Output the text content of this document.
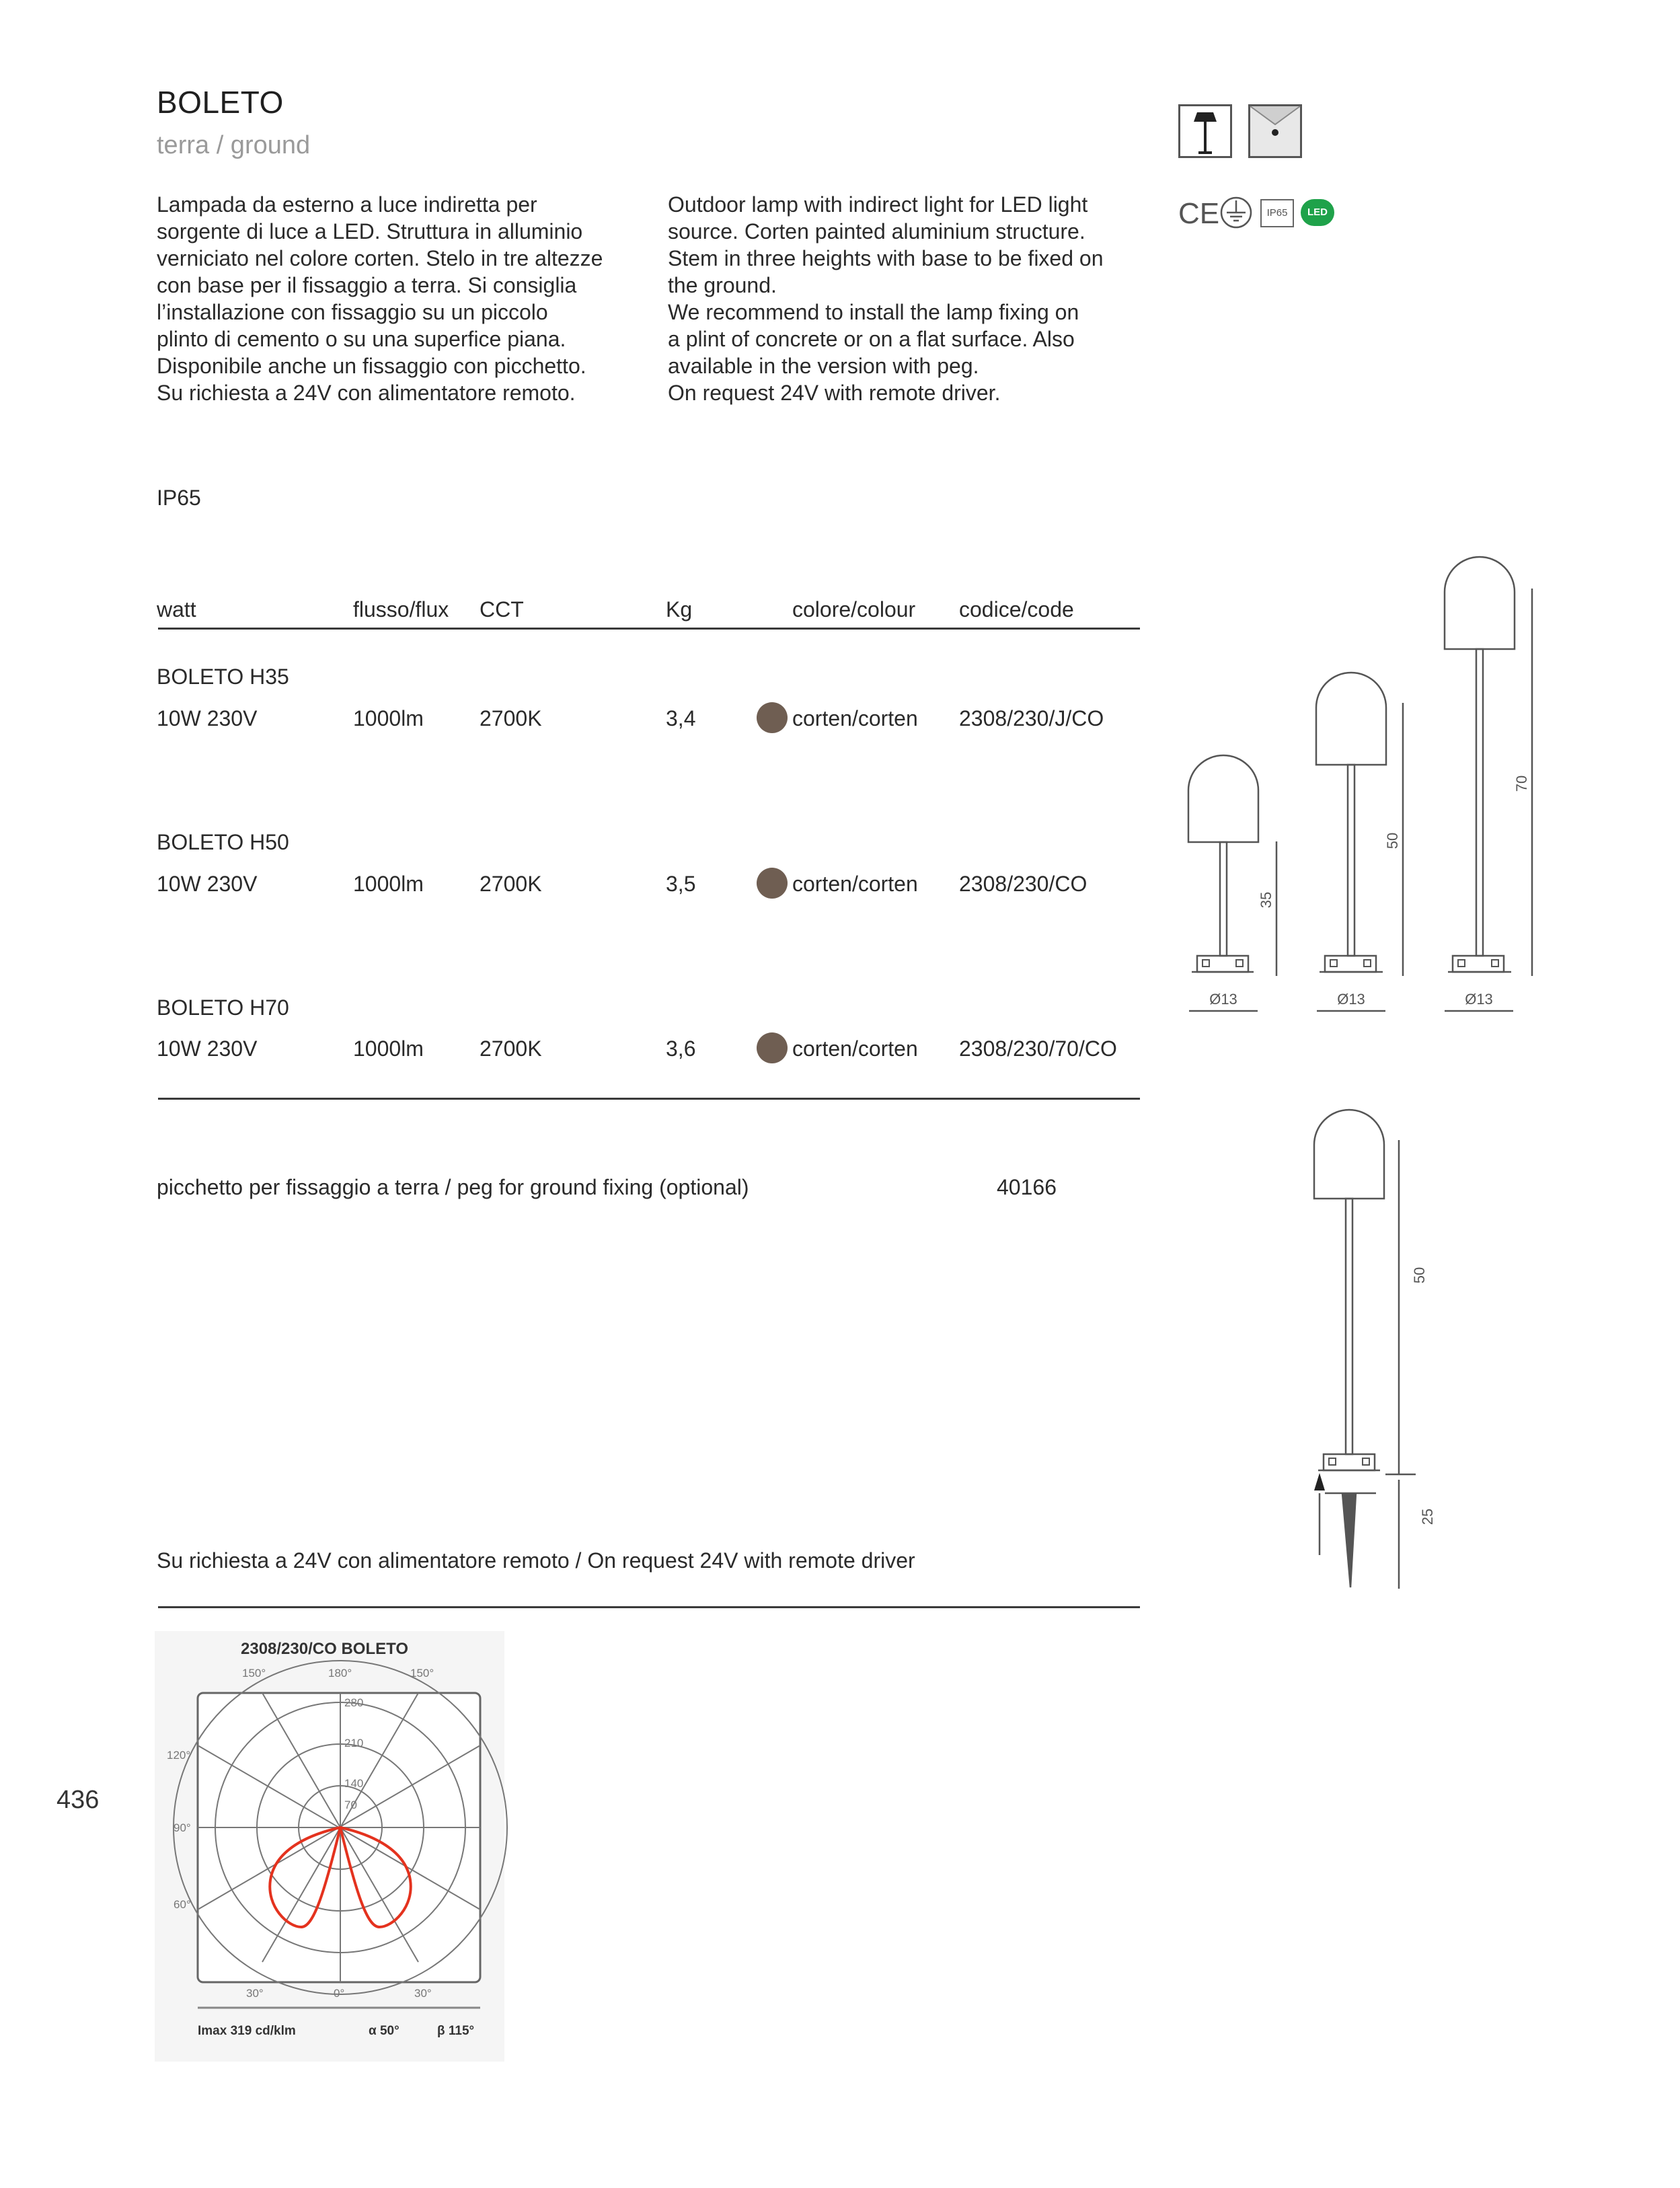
BOLETO
terra / ground
CE	IP65	LED
Lampada da esterno a luce indiretta per
sorgente di luce a LED. Struttura in alluminio
verniciato nel colore corten. Stelo in tre altezze
con base per il fissaggio a terra. Si consiglia
l’installazione con fissaggio su un piccolo
plinto di cemento o su una superfice piana.
Disponibile anche un fissaggio con picchetto.
Su richiesta a 24V con alimentatore remoto.
Outdoor lamp with indirect light for LED light
source. Corten painted aluminium structure.
Stem in three heights with base to be fixed on
the ground.
We recommend to install the lamp fixing on
a plint of concrete or on a flat surface. Also
available in the version with peg.
On request 24V with remote driver.
IP65
watt	flusso/flux CCT	Kg	colore/colour codice/code
BOLETO H35
10W 230V	1000lm	2700K	3,4	corten/corten 2308/230/J/CO
BOLETO H50
10W 230V	1000lm	2700K	3,5	corten/corten 2308/230/CO
BOLETO H70
10W 230V	1000lm	2700K	3,6	corten/corten 2308/230/70/CO
picchetto per fissaggio a terra / peg for ground fixing (optional)	40166
Su richiesta a 24V con alimentatore remoto / On request 24V with remote driver
35
50
70
Ø13	Ø13	Ø13
50
25
2308/230/CO BOLETO
150°	180°	150°
120°
90°
60°
30°	0°	30°
280
210
140
70
Imax 319 cd/klm	α 50°	β 115°
436
